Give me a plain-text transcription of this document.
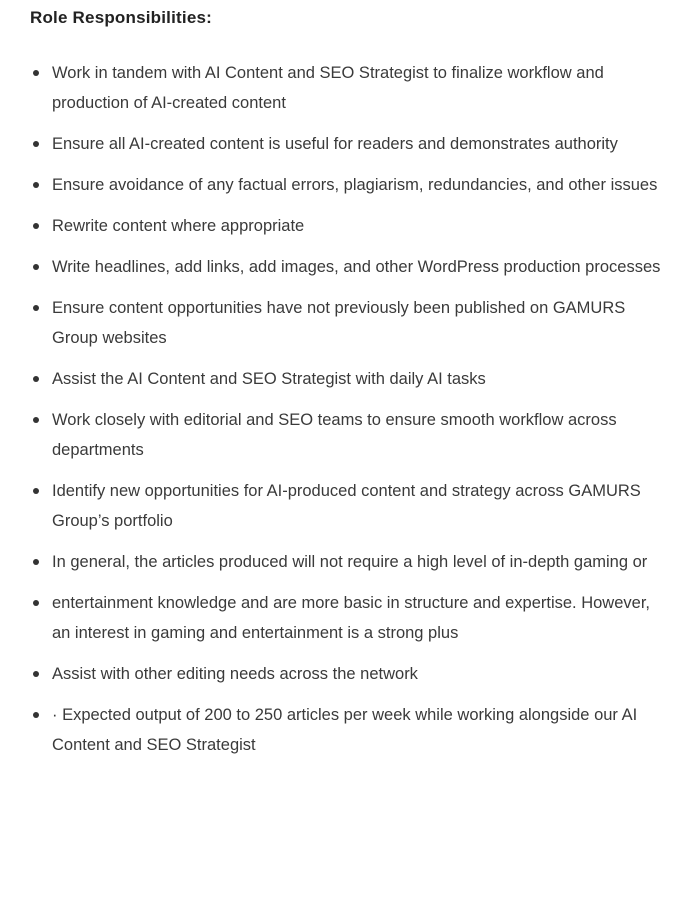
Role Responsibilities:
Work in tandem with AI Content and SEO Strategist to finalize workflow and production of AI-created content
Ensure all AI-created content is useful for readers and demonstrates authority
Ensure avoidance of any factual errors, plagiarism, redundancies, and other issues
Rewrite content where appropriate
Write headlines, add links, add images, and other WordPress production processes
Ensure content opportunities have not previously been published on GAMURS Group websites
Assist the AI Content and SEO Strategist with daily AI tasks
Work closely with editorial and SEO teams to ensure smooth workflow across departments
Identify new opportunities for AI-produced content and strategy across GAMURS Group’s portfolio
In general, the articles produced will not require a high level of in-depth gaming or
entertainment knowledge and are more basic in structure and expertise. However, an interest in gaming and entertainment is a strong plus
Assist with other editing needs across the network
· Expected output of 200 to 250 articles per week while working alongside our AI Content and SEO Strategist
